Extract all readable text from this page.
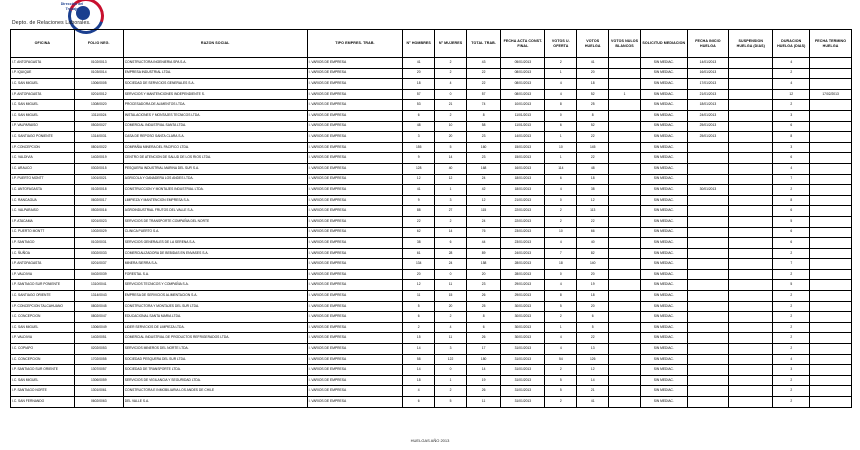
Dirección del
Trabajo
Depto. de Relaciones Laborales.
OFICINA	FOLIO NEG.	RAZON SOCIAL	TIPO EMPRES. TRAB.	N° HOMBRES	N° MUJERES	TOTAL TRAB.	FECHA ACTA CONST. FINAL	VOTOS U. OFERTA	VOTOS HUELGA	VOTOS NULOS BLANCOS	SOLICITUD MEDIACION	FECHA INICIO HUELGA	SUSPENSION HUELGA (DIAS)	DURACION HUELGA (DIAS)	FECHA TERMINO HUELGA
I.T. ANTOFAGASTA	0102/0013	CONSTRUCTORA INGENIERIA SPA S.A.	I. VARIOS DE EMPRESA	41	2	43	05/01/2013	2	41		SIN MEDIAC.	14/01/2013		4	
I.P. IQUIQUE	0103/0014	EMPRESA INDUSTRIAL LTDA.	I. VARIOS DE EMPRESA	20	2	22	08/01/2013	1	20		SIN MEDIAC.	16/01/2013		2	
I.C. SAN MIGUEL	1306/0005	SOCIEDAD DE SERVICIOS GENERALES S.A.	I. VARIOS DE EMPRESA	18	4	22	08/01/2013	4	18		SIN MEDIAC.	17/01/2013		4	
I.P. ANTOFAGASTA	0201/0012	SERVICIOS Y MANTENCIONES INDEPENDIENTE S.	I. VARIOS DE EMPRESA	57	0	57	08/01/2013	4	52	1	SIN MEDIAC.	21/01/2013		12	17/02/2013
I.C. SAN MIGUEL	1308/0020	PROCESADORA DE ALIMENTOS LTDA.	I. VARIOS DE EMPRESA	53	21	74	10/01/2013	8	25		SIN MEDIAC.	18/01/2013		2	
I.C. SAN MIGUEL	1311/0024	INSTALACIONES Y MONTAJES TECNICOS LTDA.	I. VARIOS DE EMPRESA	6	2	8	11/01/2013	0	8		SIN MEDIAC.	24/01/2013		3	
I.P. VALPARAISO	0502/0027	COMERCIAL INDUSTRIAL SANTA LTDA.	I. VARIOS DE EMPRESA	48	10	58	11/01/2013	6	52		SIN MEDIAC.	25/01/2013		6	
I.C. SANTIAGO PONIENTE	1314/0031	CASA DE REPOSO SANTA CLARA S.A.	I. VARIOS DE EMPRESA	3	20	23	14/01/2013	1	22		SIN MEDIAC.	25/01/2013		8	
I.P. CONCEPCION	0801/0022	COMPAÑIA MINERA DEL PACIFICO LTDA.	I. VARIOS DE EMPRESA	155	5	160	15/01/2013	10	145		SIN MEDIAC.			3	
I.C. VALDIVIA	1402/0019	CENTRO DE ATENCION DE SALUD DE LOS RIOS LTDA.	I. VARIOS DE EMPRESA	9	14	23	15/01/2013	1	22		SIN MEDIAC.			6	
I.C. ARAUCO	0302/0015	PESQUERA INDUSTRIAL MARINA DEL SUR S.A.	I. VARIOS DE EMPRESA	128	40	168	16/01/2013	114	48		SIN MEDIAC.			4	
I.P. PUERTO MONTT	1001/0021	AGRICOLA Y GANADERA LOS ANDES LTDA.	I. VARIOS DE EMPRESA	12	12	24	18/01/2013	6	18		SIN MEDIAC.			7	
I.C. ANTOFAGASTA	0102/0018	CONSTRUCCION Y MONTAJES INDUSTRIAL LTDA.	I. VARIOS DE EMPRESA	41	1	42	18/01/2013	4	38		SIN MEDIAC.	30/01/2013		2	
I.C. RANCAGUA	0602/0017	LIMPIEZA Y MANTENCION EMPRESA S.A.	I. VARIOS DE EMPRESA	9	3	12	21/01/2013	0	12		SIN MEDIAC.			8	
I.C. VALPARAISO	0502/0016	AGROINDUSTRIAL FRUTOS DEL VALLE S.A.	I. VARIOS DE EMPRESA	88	27	115	22/01/2013	2	113		SIN MEDIAC.			6	
I.P. ATACAMA	0201/0023	SERVICIOS DE TRANSPORTE COMPAÑIA DEL NORTE	I. VARIOS DE EMPRESA	22	2	24	22/01/2013	2	22		SIN MEDIAC.			5	
I.C. PUERTO MONTT	1002/0029	CLINICA PUERTO S.A.	I. VARIOS DE EMPRESA	62	14	76	23/01/2013	10	66		SIN MEDIAC.			6	
I.P. SANTIAGO	0102/0031	SERVICIOS GENERALES DE LA SERENA S.A.	I. VARIOS DE EMPRESA	38	6	44	23/01/2013	4	40		SIN MEDIAC.			6	
I.C. ÑUÑOA	0302/0033	COMERCIALIZADORA DE BEBIDAS EN ENVASES S.A.	I. VARIOS DE EMPRESA	61	28	89	24/01/2013	7	82		SIN MEDIAC.			2	
I.P. ANTOFAGASTA	0201/0037	MINERA SIERRA S.A.	I. VARIOS DE EMPRESA	134	24	158	28/01/2013	18	140		SIN MEDIAC.			7	
I.P. VALDIVIA	0402/0039	FORESTAL S.A.	I. VARIOS DE EMPRESA	20	0	20	28/01/2013	0	20		SIN MEDIAC.			2	
I.P. SANTIAGO SUR PONIENTE	1310/0041	SERVICIOS TECNICOS Y COMPAÑIA S.A.	I. VARIOS DE EMPRESA	12	11	23	29/01/2013	4	19		SIN MEDIAC.			5	
I.C. SANTIAGO ORIENTE	1314/0043	EMPRESA DE SERVICIOS ALIMENTACION S.A.	I. VARIOS DE EMPRESA	11	15	26	29/01/2013	8	18		SIN MEDIAC.			2	
I.P. CONCEPCION TALCAHUANO	0802/0045	CONSTRUCTORA Y MONTAJES DEL SUR LTDA.	I. VARIOS DE EMPRESA	5	20	25	30/01/2013	5	20		SIN MEDIAC.			2	
I.C. CONCEPCION	0802/0047	EDUCACIONAL SANTA MARIA LTDA.	I. VARIOS DE EMPRESA	6	2	8	30/01/2013	2	6		SIN MEDIAC.			2	
I.C. SAN MIGUEL	1306/0049	LIDER SERVICIOS DE LIMPIEZA LTDA.	I. VARIOS DE EMPRESA	2	4	6	30/01/2013	1	5		SIN MEDIAC.			2	
I.P. VALDIVIA	1402/0051	COMERCIAL INDUSTRIAL DE PRODUCTOS REFRIGERADOS LTDA.	I. VARIOS DE EMPRESA	15	11	26	30/01/2013	4	22		SIN MEDIAC.			2	
I.C. COPIAPO	0202/0053	SERVICIOS MINEROS DEL NORTE LTDA.	I. VARIOS DE EMPRESA	14	3	17	31/01/2013	4	13		SIN MEDIAC.			2	
I.C. CONCEPCION	1702/0055	SOCIEDAD PESQUERA DEL SUR LTDA.	I. VARIOS DE EMPRESA	58	122	180	31/01/2013	54	126		SIN MEDIAC.			4	
I.P. SANTIAGO SUR ORIENTE	1307/0057	SOCIEDAD DE TRANSPORTE LTDA.	I. VARIOS DE EMPRESA	14	0	14	31/01/2013	2	12		SIN MEDIAC.			3	
I.C. SAN MIGUEL	1306/0059	SERVICIOS DE VIGILANCIA Y SEGURIDAD LTDA.	I. VARIOS DE EMPRESA	18	1	19	31/01/2013	5	14		SIN MEDIAC.			2	
I.P. SANTIAGO NORTE	1301/0061	CONSTRUCTORA E INMOBILIARIA LOS ANDES DE CHILE	I. VARIOS DE EMPRESA	4	2	26	31/01/2013	5	21		SIN MEDIAC.			2	
I.C. SAN FERNANDO	0602/0063	DEL VALLE S.A.	I. VARIOS DE EMPRESA	6	5	11	31/01/2013	2	41		SIN MEDIAC.			2	
HUELGAS AÑO 2013
